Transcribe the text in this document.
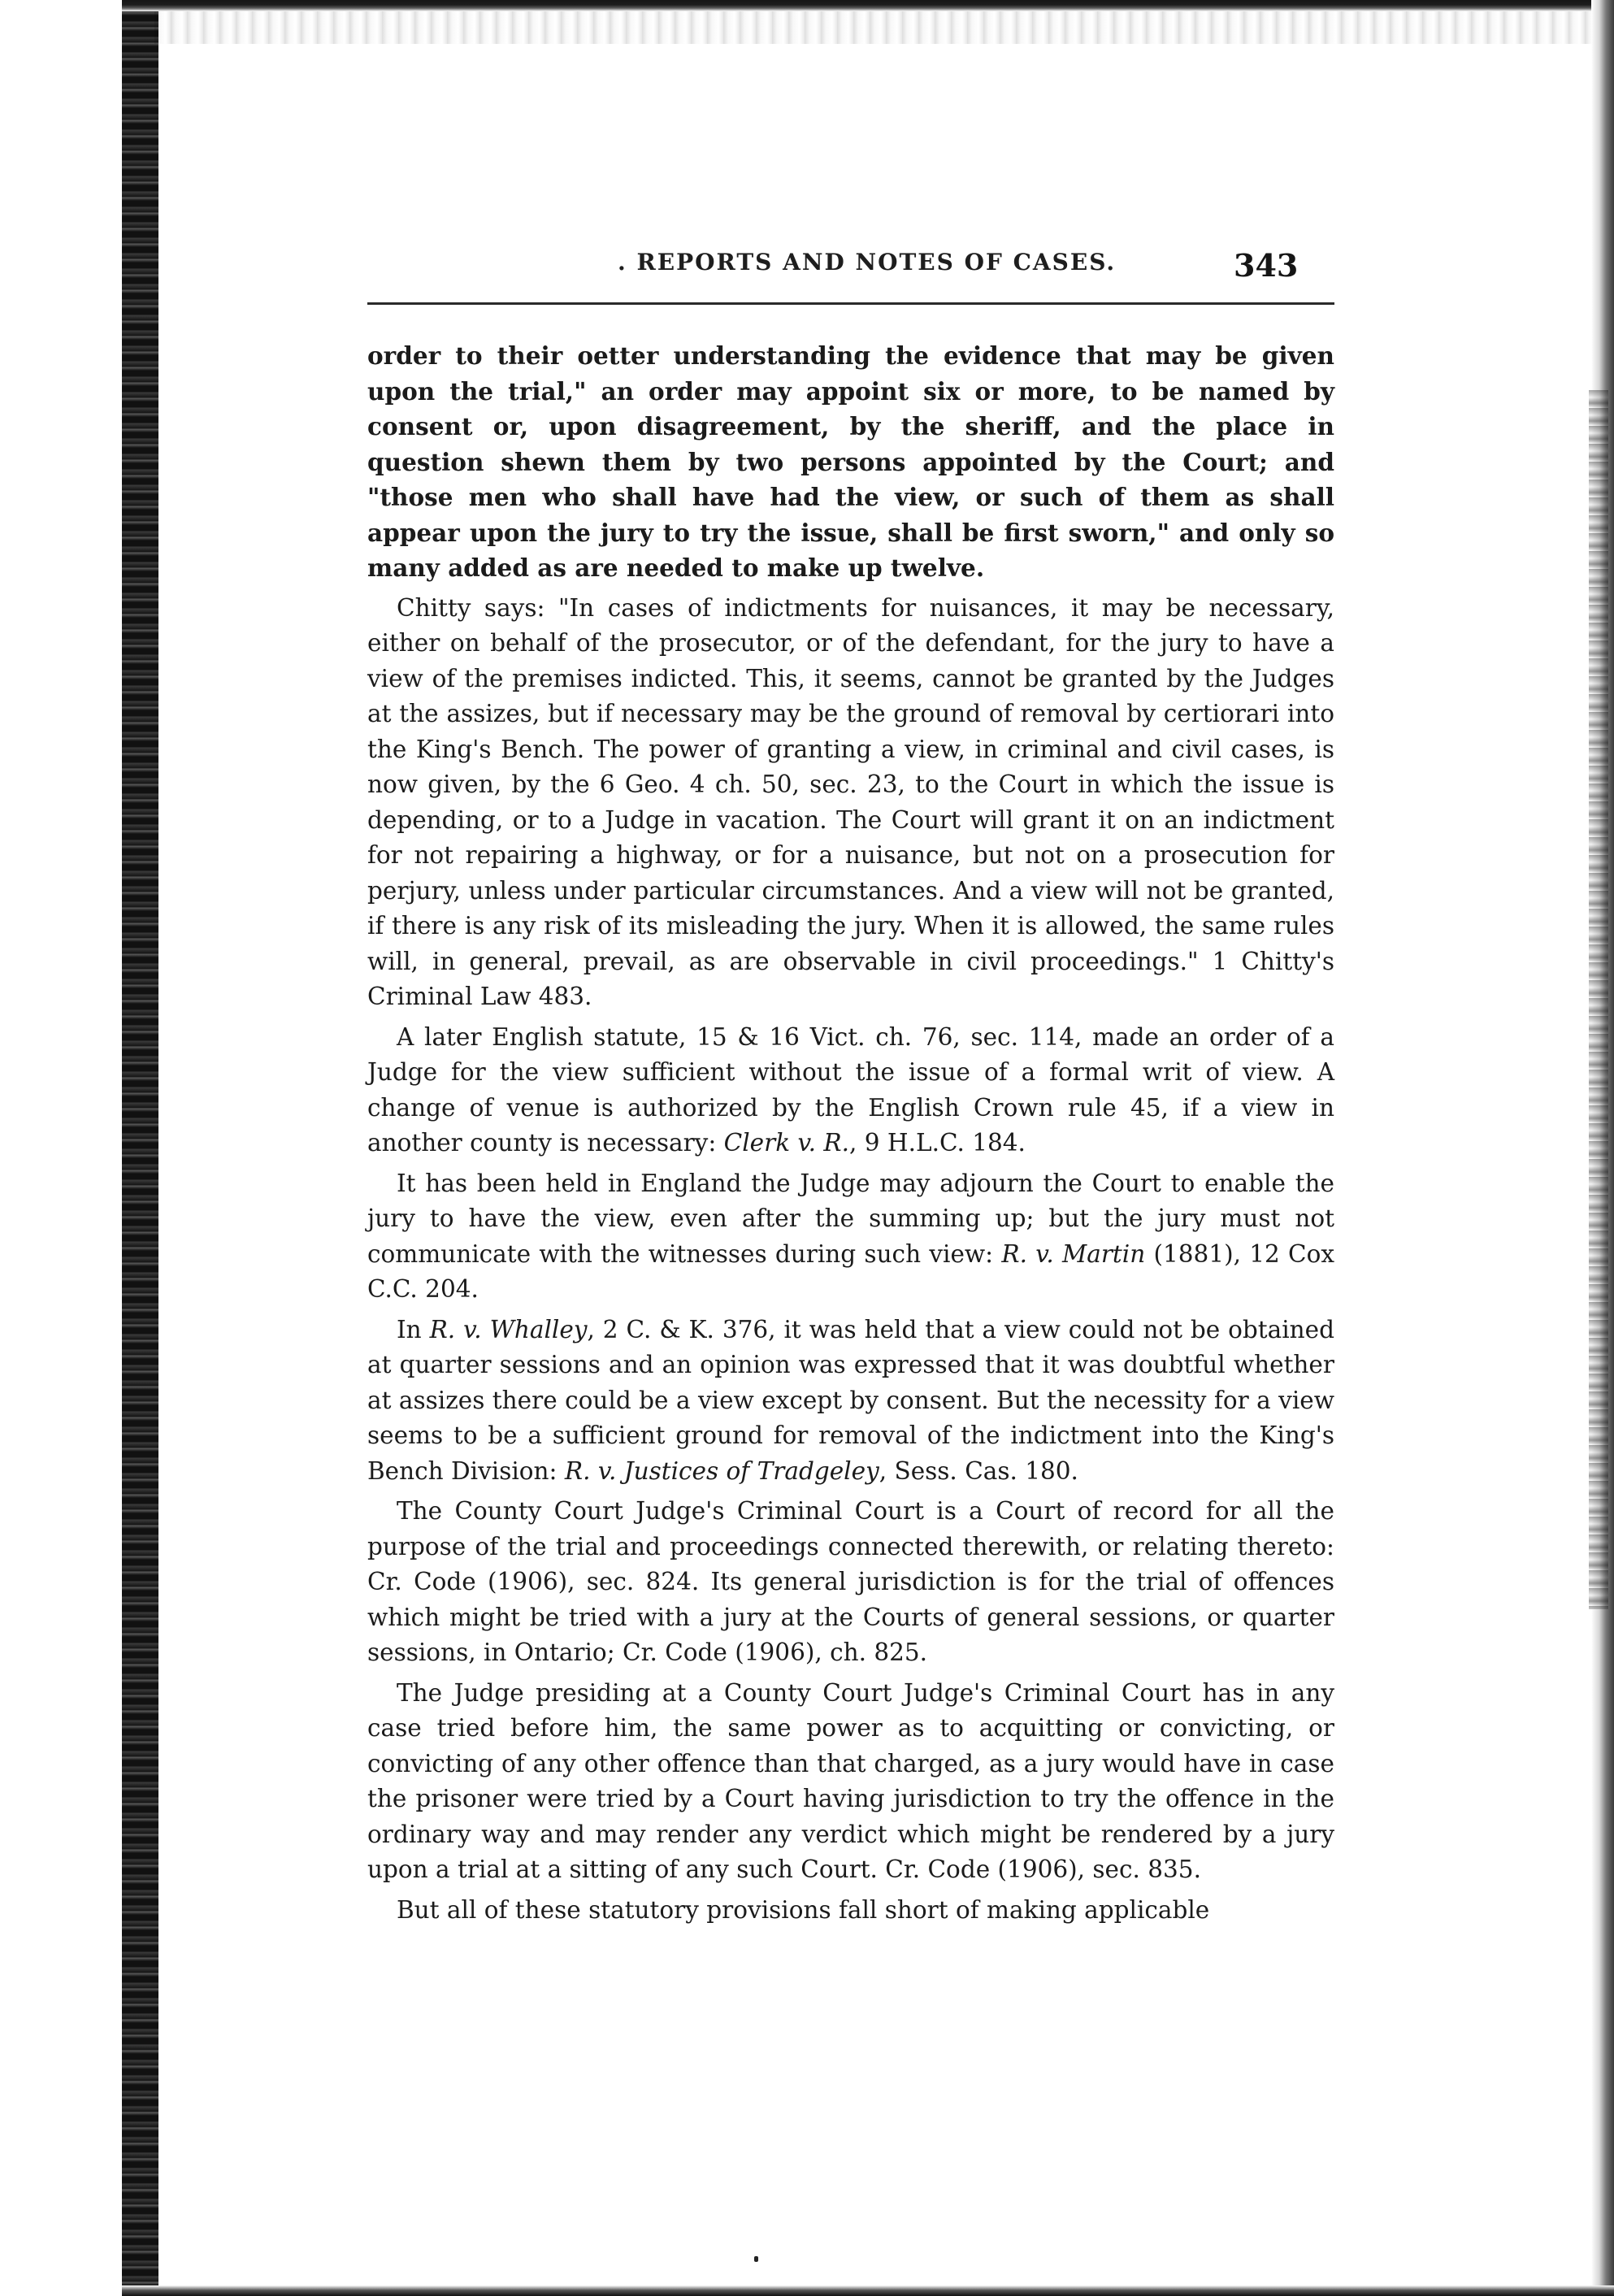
. REPORTS AND NOTES OF CASES.	343

order to their oetter understanding the evidence that may be given upon the trial," an order may appoint six or more, to be named by consent or, upon disagreement, by the sheriff, and the place in question shewn them by two persons appointed by the Court; and "those men who shall have had the view, or such of them as shall appear upon the jury to try the issue, shall be first sworn," and only so many added as are needed to make up twelve.

Chitty says: "In cases of indictments for nuisances, it may be necessary, either on behalf of the prosecutor, or of the defendant, for the jury to have a view of the premises indicted. This, it seems, cannot be granted by the Judges at the assizes, but if necessary may be the ground of removal by certiorari into the King's Bench. The power of granting a view, in criminal and civil cases, is now given, by the 6 Geo. 4 ch. 50, sec. 23, to the Court in which the issue is depending, or to a Judge in vacation. The Court will grant it on an indictment for not repairing a highway, or for a nuisance, but not on a prosecution for perjury, unless under particular circumstances. And a view will not be granted, if there is any risk of its misleading the jury. When it is allowed, the same rules will, in general, prevail, as are observable in civil proceedings." 1 Chitty's Criminal Law 483.

A later English statute, 15 & 16 Vict. ch. 76, sec. 114, made an order of a Judge for the view sufficient without the issue of a formal writ of view. A change of venue is authorized by the English Crown rule 45, if a view in another county is necessary: Clerk v. R., 9 H.L.C. 184.

It has been held in England the Judge may adjourn the Court to enable the jury to have the view, even after the summing up; but the jury must not communicate with the witnesses during such view: R. v. Martin (1881), 12 Cox C.C. 204.

In R. v. Whalley, 2 C. & K. 376, it was held that a view could not be obtained at quarter sessions and an opinion was expressed that it was doubtful whether at assizes there could be a view except by consent. But the necessity for a view seems to be a sufficient ground for removal of the indictment into the King's Bench Division: R. v. Justices of Tradgeley, Sess. Cas. 180.

The County Court Judge's Criminal Court is a Court of record for all the purpose of the trial and proceedings connected therewith, or relating thereto: Cr. Code (1906), sec. 824. Its general jurisdiction is for the trial of offences which might be tried with a jury at the Courts of general sessions, or quarter sessions, in Ontario; Cr. Code (1906), ch. 825.

The Judge presiding at a County Court Judge's Criminal Court has in any case tried before him, the same power as to acquitting or convicting, or convicting of any other offence than that charged, as a jury would have in case the prisoner were tried by a Court having jurisdiction to try the offence in the ordinary way and may render any verdict which might be rendered by a jury upon a trial at a sitting of any such Court. Cr. Code (1906), sec. 835.

But all of these statutory provisions fall short of making applicable
